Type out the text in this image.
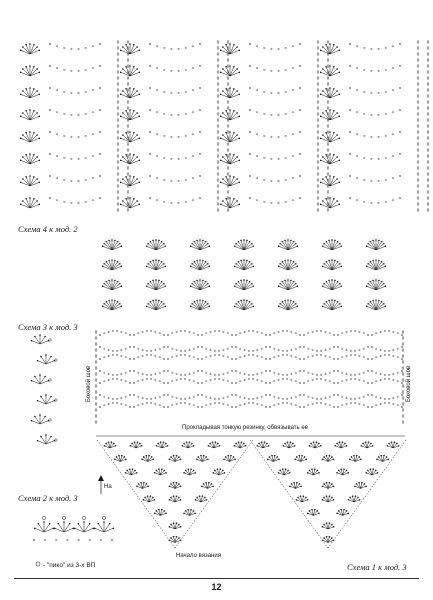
Схема 4 к мод. 2
Схема 3 к мод. 3
Схема 2 к мод. 3
Схема 1 к мод. 3
Боковой шов	Боковой шов
Прокладывая тонкую резинку, обвязывать ее
На
Начало вязания
- "пико" из 3-х ВП
12
